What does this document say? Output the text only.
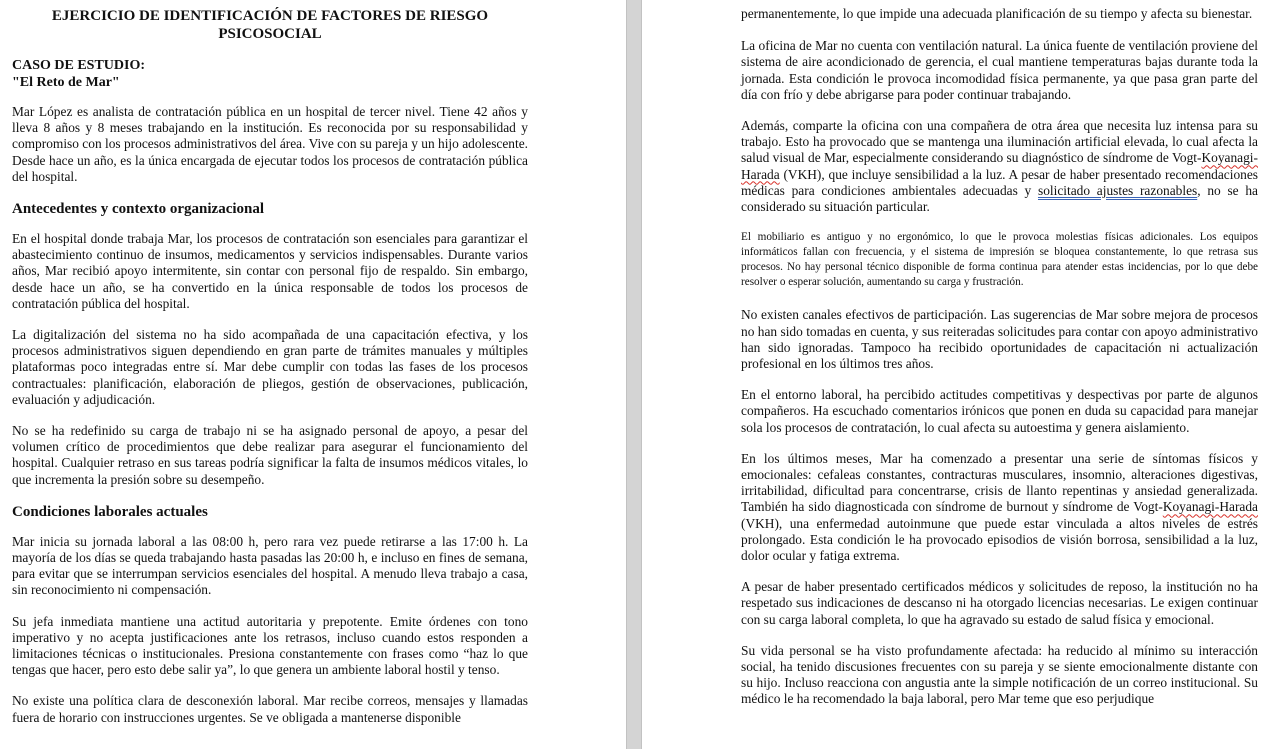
EJERCICIO DE IDENTIFICACIÓN DE FACTORES DE RIESGO PSICOSOCIAL
CASO DE ESTUDIO:
"El Reto de Mar"

Mar López es analista de contratación pública en un hospital de tercer nivel. Tiene 42 años y lleva 8 años y 8 meses trabajando en la institución. Es reconocida por su responsabilidad y compromiso con los procesos administrativos del área. Vive con su pareja y un hijo adolescente. Desde hace un año, es la única encargada de ejecutar todos los procesos de contratación pública del hospital.

Antecedentes y contexto organizacional

En el hospital donde trabaja Mar, los procesos de contratación son esenciales para garantizar el abastecimiento continuo de insumos, medicamentos y servicios indispensables. Durante varios años, Mar recibió apoyo intermitente, sin contar con personal fijo de respaldo. Sin embargo, desde hace un año, se ha convertido en la única responsable de todos los procesos de contratación pública del hospital.

La digitalización del sistema no ha sido acompañada de una capacitación efectiva, y los procesos administrativos siguen dependiendo en gran parte de trámites manuales y múltiples plataformas poco integradas entre sí. Mar debe cumplir con todas las fases de los procesos contractuales: planificación, elaboración de pliegos, gestión de observaciones, publicación, evaluación y adjudicación.

No se ha redefinido su carga de trabajo ni se ha asignado personal de apoyo, a pesar del volumen crítico de procedimientos que debe realizar para asegurar el funcionamiento del hospital. Cualquier retraso en sus tareas podría significar la falta de insumos médicos vitales, lo que incrementa la presión sobre su desempeño.

Condiciones laborales actuales

Mar inicia su jornada laboral a las 08:00 h, pero rara vez puede retirarse a las 17:00 h. La mayoría de los días se queda trabajando hasta pasadas las 20:00 h, e incluso en fines de semana, para evitar que se interrumpan servicios esenciales del hospital. A menudo lleva trabajo a casa, sin reconocimiento ni compensación.

Su jefa inmediata mantiene una actitud autoritaria y prepotente. Emite órdenes con tono imperativo y no acepta justificaciones ante los retrasos, incluso cuando estos responden a limitaciones técnicas o institucionales. Presiona constantemente con frases como “haz lo que tengas que hacer, pero esto debe salir ya”, lo que genera un ambiente laboral hostil y tenso.

No existe una política clara de desconexión laboral. Mar recibe correos, mensajes y llamadas fuera de horario con instrucciones urgentes. Se ve obligada a mantenerse disponible

permanentemente, lo que impide una adecuada planificación de su tiempo y afecta su bienestar.

La oficina de Mar no cuenta con ventilación natural. La única fuente de ventilación proviene del sistema de aire acondicionado de gerencia, el cual mantiene temperaturas bajas durante toda la jornada. Esta condición le provoca incomodidad física permanente, ya que pasa gran parte del día con frío y debe abrigarse para poder continuar trabajando.

Además, comparte la oficina con una compañera de otra área que necesita luz intensa para su trabajo. Esto ha provocado que se mantenga una iluminación artificial elevada, lo cual afecta la salud visual de Mar, especialmente considerando su diagnóstico de síndrome de Vogt-Koyanagi-Harada (VKH), que incluye sensibilidad a la luz. A pesar de haber presentado recomendaciones médicas para condiciones ambientales adecuadas y solicitado ajustes razonables, no se ha considerado su situación particular.

El mobiliario es antiguo y no ergonómico, lo que le provoca molestias físicas adicionales. Los equipos informáticos fallan con frecuencia, y el sistema de impresión se bloquea constantemente, lo que retrasa sus procesos. No hay personal técnico disponible de forma continua para atender estas incidencias, por lo que debe resolver o esperar solución, aumentando su carga y frustración.

No existen canales efectivos de participación. Las sugerencias de Mar sobre mejora de procesos no han sido tomadas en cuenta, y sus reiteradas solicitudes para contar con apoyo administrativo han sido ignoradas. Tampoco ha recibido oportunidades de capacitación ni actualización profesional en los últimos tres años.

En el entorno laboral, ha percibido actitudes competitivas y despectivas por parte de algunos compañeros. Ha escuchado comentarios irónicos que ponen en duda su capacidad para manejar sola los procesos de contratación, lo cual afecta su autoestima y genera aislamiento.

En los últimos meses, Mar ha comenzado a presentar una serie de síntomas físicos y emocionales: cefaleas constantes, contracturas musculares, insomnio, alteraciones digestivas, irritabilidad, dificultad para concentrarse, crisis de llanto repentinas y ansiedad generalizada. También ha sido diagnosticada con síndrome de burnout y síndrome de Vogt-Koyanagi-Harada (VKH), una enfermedad autoinmune que puede estar vinculada a altos niveles de estrés prolongado. Esta condición le ha provocado episodios de visión borrosa, sensibilidad a la luz, dolor ocular y fatiga extrema.

A pesar de haber presentado certificados médicos y solicitudes de reposo, la institución no ha respetado sus indicaciones de descanso ni ha otorgado licencias necesarias. Le exigen continuar con su carga laboral completa, lo que ha agravado su estado de salud física y emocional.

Su vida personal se ha visto profundamente afectada: ha reducido al mínimo su interacción social, ha tenido discusiones frecuentes con su pareja y se siente emocionalmente distante con su hijo. Incluso reacciona con angustia ante la simple notificación de un correo institucional. Su médico le ha recomendado la baja laboral, pero Mar teme que eso perjudique
